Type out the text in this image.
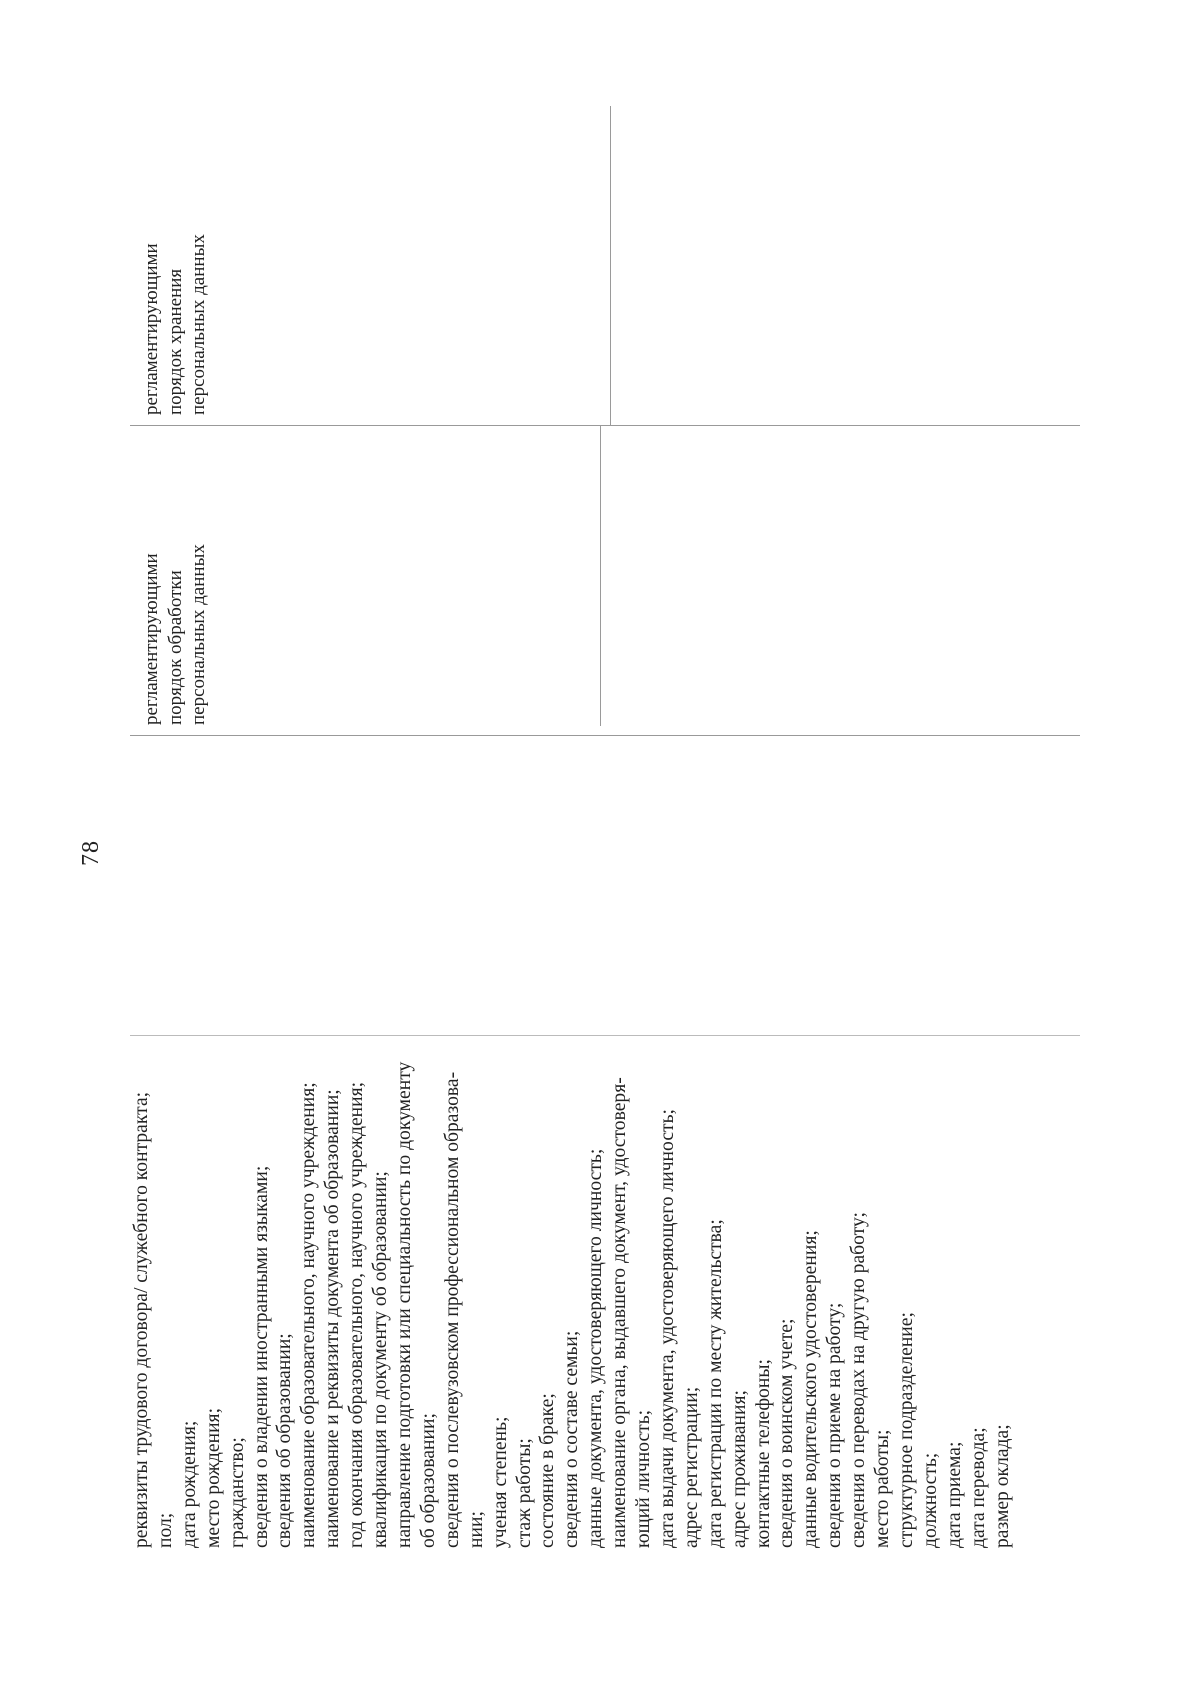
78
реквизиты трудового договора/ служебного контракта; пол; дата рождения; место рождения; гражданство; сведения о владении иностранными языками; сведения об образовании; наименование образовательного, научного учреждения; наименование и реквизиты документа об образовании; год окончания образовательного, научного учреждения; квалификация по документу об образовании; направление подготовки или специальность по документу об образовании; сведения о послевузовском профессиональном образова- нии; ученая степень; стаж работы; состояние в браке; сведения о составе семьи; данные документа, удостоверяющего личность; наименование органа, выдавшего документ, удостоверя- ющий личность; дата выдачи документа, удостоверяющего личность; адрес регистрации; дата регистрации по месту жительства; адрес проживания; контактные телефоны; сведения о воинском учете; данные водительского удостоверения; сведения о приеме на работу; сведения о переводах на другую работу; место работы; структурное подразделение; должность; дата приема; дата перевода; размер оклада;
регламентирующими порядок обработки персональных данных
регламентирующими порядок хранения персональных данных
